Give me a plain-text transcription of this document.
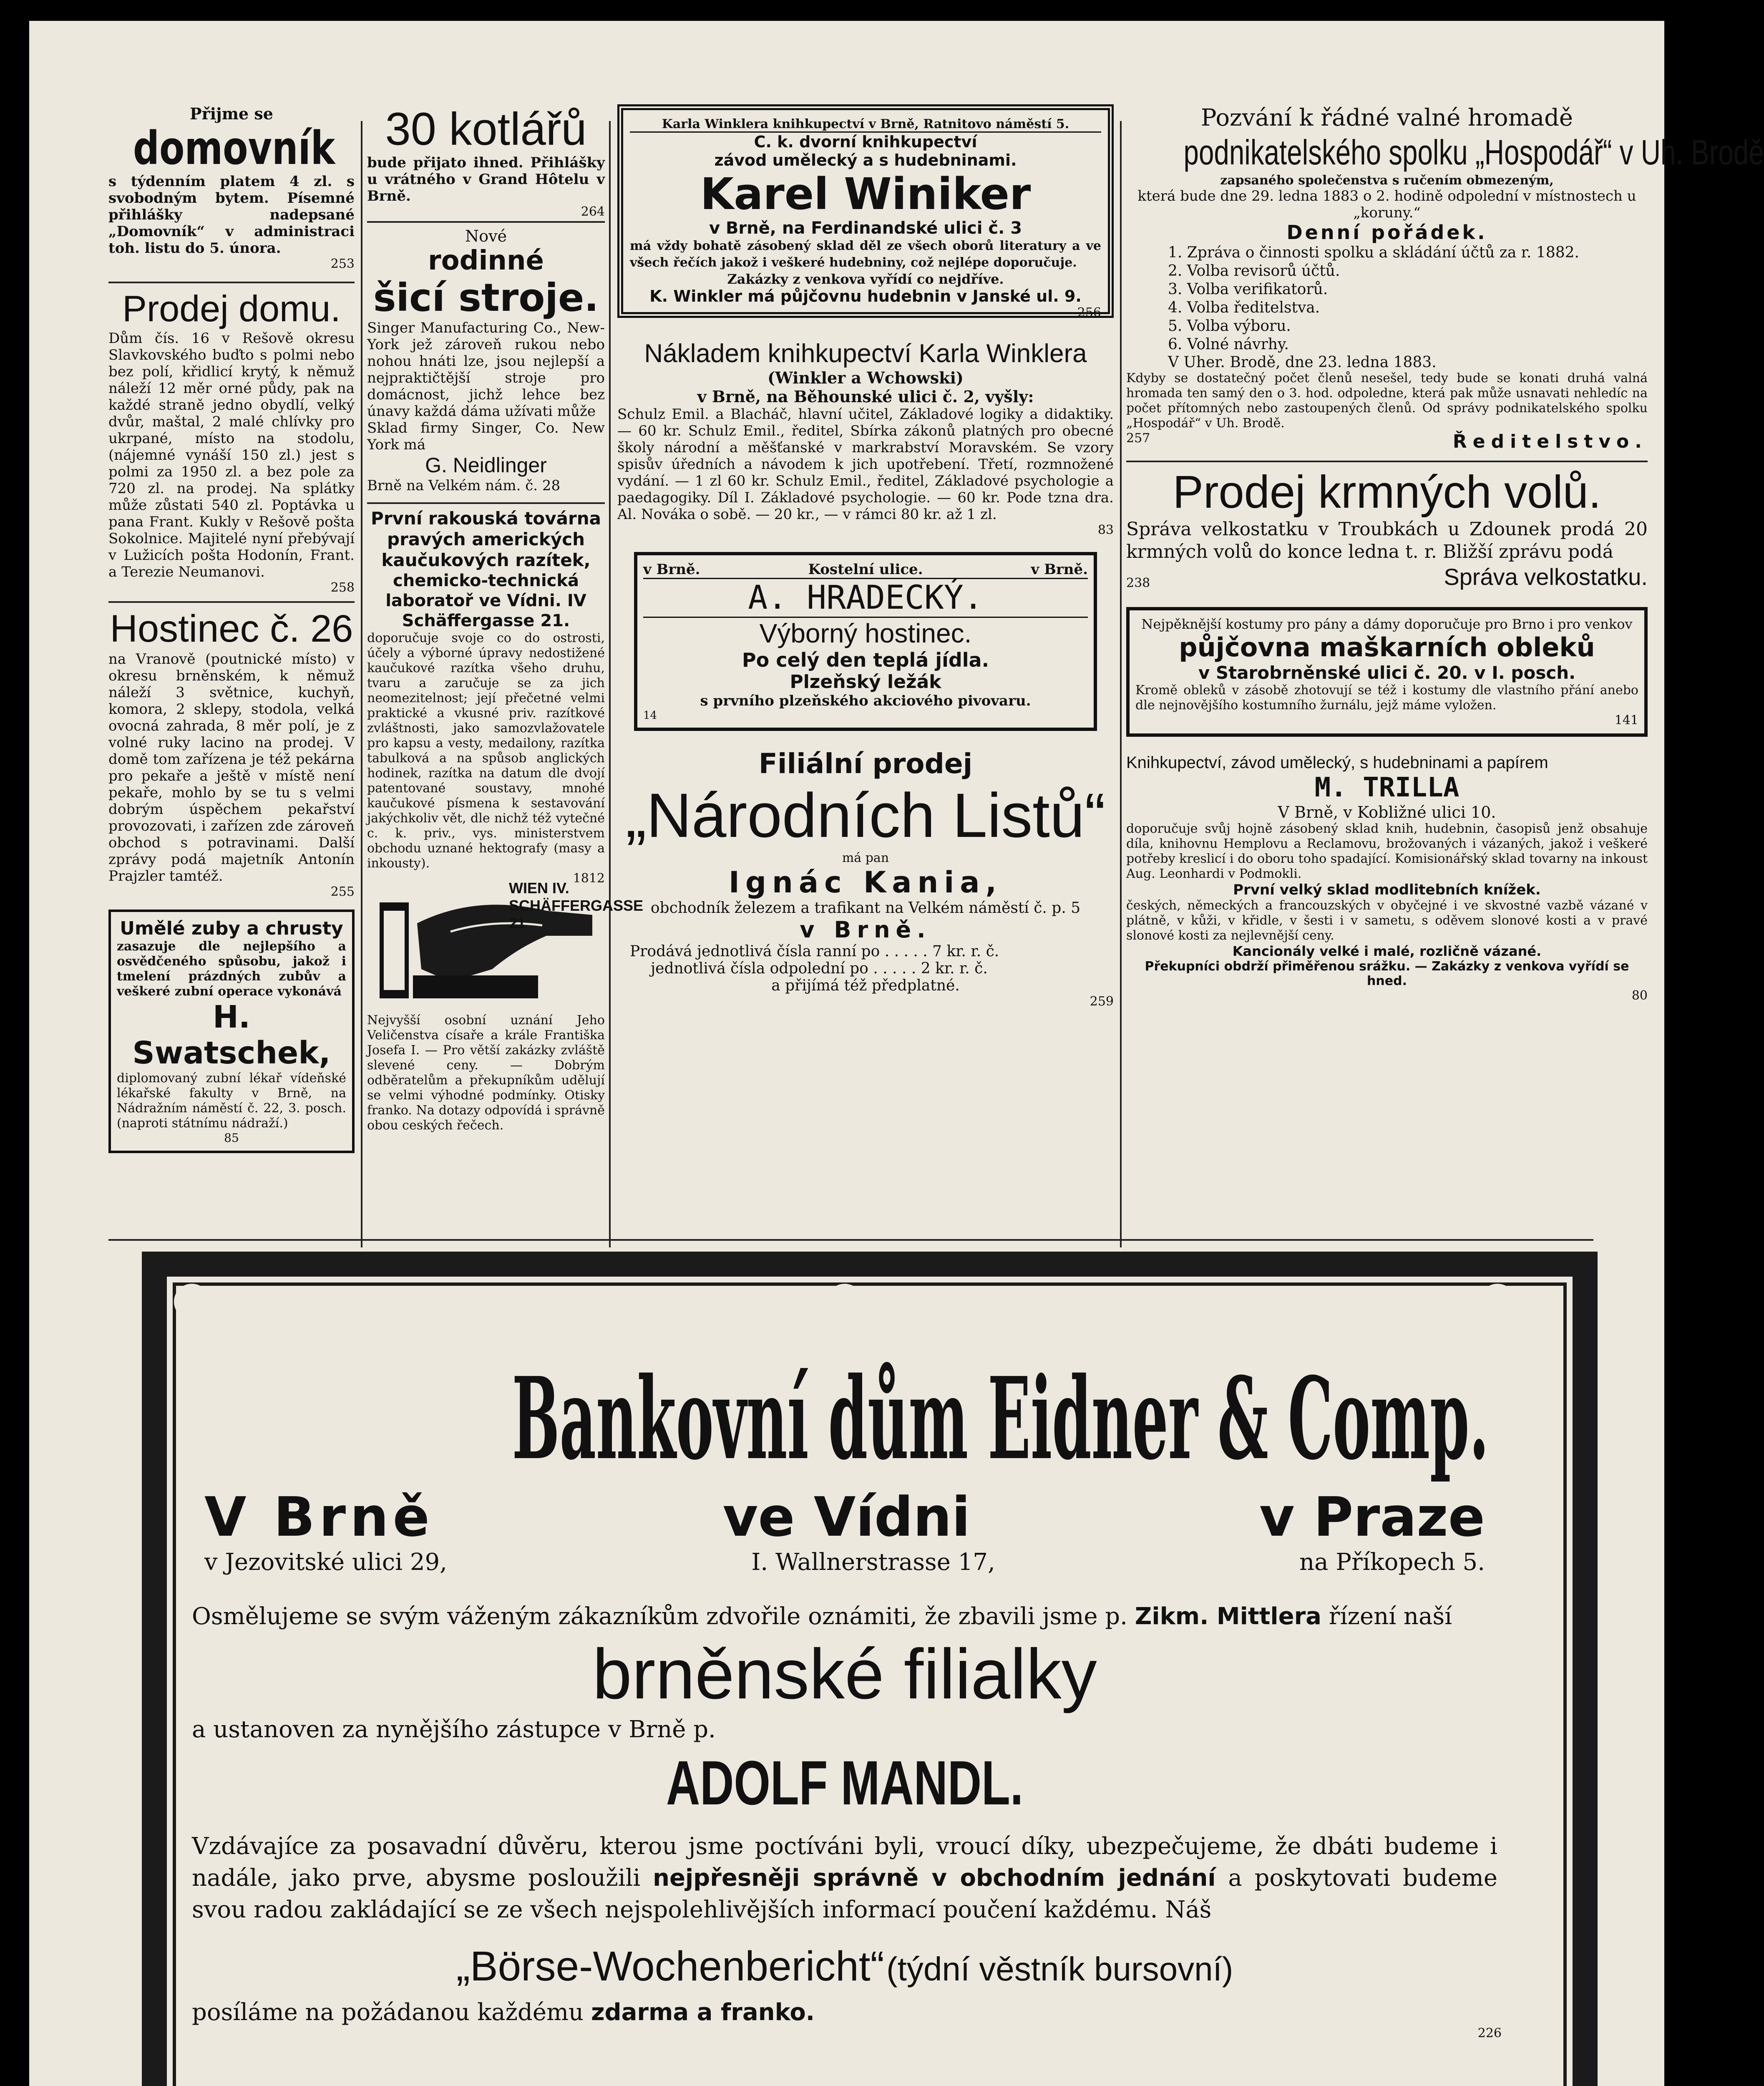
Přijme se
domovník
s týdenním platem 4 zl. s svobodným bytem. Písemné přihlášky nadepsané „Domovník“ v administraci toh. listu do 5. února.
253
Prodej domu.
Dům čís. 16 v Rešově okresu Slavkovského buďto s polmi nebo bez polí, křidlicí krytý, k němuž náleží 12 měr orné půdy, pak na každé straně jedno obydlí, velký dvůr, maštal, 2 malé chlívky pro ukrpané, místo na stodolu, (nájemné vynáší 150 zl.) jest s polmi za 1950 zl. a bez pole za 720 zl. na prodej. Na splátky může zůstati 540 zl. Poptávka u pana Frant. Kukly v Rešově pošta Sokolnice. Majitelé nyní přebývají v Lužicích pošta Hodonín, Frant. a Terezie Neumanovi.
258
Hostinec č. 26
na Vranově (poutnické místo) v okresu brněnském, k němuž náleží 3 světnice, kuchyň, komora, 2 sklepy, stodola, velká ovocná zahrada, 8 měr polí, je z volné ruky lacino na prodej. V domě tom zařízena je též pekárna pro pekaře a ještě v místě není pekaře, mohlo by se tu s velmi dobrým úspěchem pekařství provozovati, i zařízen zde zároveň obchod s potravinami. Další zprávy podá majetník Antonín Prajzler tamtéž.
255
Umělé zuby a chrusty
zasazuje dle nejlepšího a osvědčeného spůsobu, jakož i tmelení prázdných zubův a veškeré zubní operace vykonává
H. Swatschek,
diplomovaný zubní lékař vídeňské lékařské fakulty v Brně, na Nádražním náměstí č. 22, 3. posch. (naproti státnímu nádraží.)
85
30 kotlářů
bude přijato ihned. Přihlášky u vrátného v Grand Hôtelu v Brně.
264
Nové
rodinné
šicí stroje.
Singer Manufacturing Co., New-York jež zároveň rukou nebo nohou hnáti lze, jsou nejlepší a nejpraktičtější stroje pro domácnost, jichž lehce bez únavy každá dáma užívati může
Sklad firmy Singer, Co. New York má
G. Neidlinger
Brně na Velkém nám. č. 28
První rakouská továrna pravých amerických kaučukových razítek,
chemicko-technická laboratoř ve Vídni. IV Schäffergasse 21.
doporučuje svoje co do ostrosti, účely a výborné úpravy nedostižené kaučukové razítka všeho druhu, tvaru a zaručuje se za jich neomezitelnost; její přečetné velmi praktické a vkusné priv. razítkové zvláštnosti, jako samozvlažovatele pro kapsu a vesty, medailony, razítka tabulková a na spůsob anglických hodinek, razítka na datum dle dvojí patentované soustavy, mnohé kaučukové písmena k sestavování jakýchkoliv vět, dle nichž též vytečné c. k. priv., vys. ministerstvem obchodu uznané hektografy (masy a inkousty).
1812
WIEN IV. SCHÄFFERGASSE 21
Nejvyšší osobní uznání Jeho Veličenstva císaře a krále Františka Josefa I. — Pro větší zakázky zvláště slevené ceny. — Dobrým odběratelům a překupníkům udělují se velmi výhodné podmínky. Otisky franko. Na dotazy odpovídá i správně obou ceských řečech.
Karla Winklera knihkupectví v Brně, Ratnitovo náměstí 5.
C. k. dvorní knihkupectví
závod umělecký a s hudebninami.
Karel Winiker
v Brně, na Ferdinandské ulici č. 3
má vždy bohatě zásobený sklad děl ze všech oborů literatury a ve všech řečích jakož i veškeré hudebniny, což nejlépe doporučuje.
Zakázky z venkova vyřídí co nejdříve.
K. Winkler má půjčovnu hudebnin v Janské ul. 9.
256
Nákladem knihkupectví Karla Winklera
(Winkler a Wchowski)
v Brně, na Běhounské ulici č. 2, vyšly:
Schulz Emil. a Blacháč, hlavní učitel, Základové logiky a didaktiky. — 60 kr. Schulz Emil., ředitel, Sbírka zákonů platných pro obecné školy národní a měšťanské v markrabství Moravském. Se vzory spisův úředních a návodem k jich upotřebení. Třetí, rozmnožené vydání. — 1 zl 60 kr. Schulz Emil., ředitel, Základové psychologie a paedagogiky. Díl I. Základové psychologie. — 60 kr. Pode tzna dra. Al. Nováka o sobě. — 20 kr., — v rámci 80 kr. až 1 zl.
83
v Brně.	Kostelní ulice.	v Brně.
A. HRADECKÝ.
Výborný hostinec.
Po celý den teplá jídla.
Plzeňský ležák
s prvního plzeňského akciového pivovaru.
14
Filiální prodej
„Národních Listů“
má pan
Ignác Kania,
obchodník železem a trafikant na Velkém náměstí č. p. 5
v Brně.
Prodává jednotlivá čísla ranní po . . . . . 7 kr. r. č.
jednotlivá čísla odpolední po . . . . . 2 kr. r. č.
a přijímá též předplatné.
259
Pozvání k řádné valné hromadě
podnikatelského spolku „Hospodář“ v Uh. Brodě
zapsaného společenstva s ručením obmezeným,
která bude dne 29. ledna 1883 o 2. hodině odpolední v místnostech u „koruny.“
Denní pořádek.
1. Zpráva o činnosti spolku a skládání účtů za r. 1882.
2. Volba revisorů účtů.
3. Volba verifikatorů.
4. Volba ředitelstva.
5. Volba výboru.
6. Volné návrhy.
V Uher. Brodě, dne 23. ledna 1883.
Kdyby se dostatečný počet členů nesešel, tedy bude se konati druhá valná hromada ten samý den o 3. hod. odpoledne, která pak může usnavati nehledíc na počet přítomných nebo zastoupených členů. Od správy podnikatelského spolku „Hospodář“ v Uh. Brodě.
257	Ředitelstvo.
Prodej krmných volů.
Správa velkostatku v Troubkách u Zdounek prodá 20 krmných volů do konce ledna t. r. Bližší zprávu podá
238	Správa velkostatku.
Nejpěknější kostumy pro pány a dámy doporučuje pro Brno i pro venkov
půjčovna maškarních obleků
v Starobrněnské ulici č. 20. v I. posch.
Kromě obleků v zásobě zhotovují se též i kostumy dle vlastního přání anebo dle nejnovějšího kostumního žurnálu, jejž máme vyložen.
141
Knihkupectví, závod umělecký, s hudebninami a papírem
M. TRILLA
V Brně, v Kobližné ulici 10.
doporučuje svůj hojně zásobený sklad knih, hudebnin, časopisů jenž obsahuje díla, knihovnu Hemplovu a Reclamovu, brožovaných i vázaných, jakož i veškeré potřeby kreslicí i do oboru toho spadající. Komisionářský sklad tovarny na inkoust Aug. Leonhardi v Podmokli.
První velký sklad modlitebních knížek.
českých, německých a francouzských v obyčejné i ve skvostné vazbě vázané v plátně, v kůži, v křidle, v šesti i v sametu, s oděvem slonové kosti a v pravé slonové kosti za nejlevnější ceny.
Kancionály velké i malé, rozličně vázané.
Překupníci obdrží přiměřenou srážku. — Zakázky z venkova vyřídí se hned.
80
Bankovní dům Eidner & Comp.
V Brně	ve Vídni	v Praze
v Jezovitské ulici 29,	I. Wallnerstrasse 17,	na Příkopech 5.
Osmělujeme se svým váženým zákazníkům zdvořile oznámiti, že zbavili jsme p. Zikm. Mittlera řízení naší
brněnské filialky
a ustanoven za nynějšího zástupce v Brně p.
ADOLF MANDL.
Vzdávajíce za posavadní důvěru, kterou jsme poctíváni byli, vroucí díky, ubezpečujeme, že dbáti budeme i nadále, jako prve, abysme posloužili nejpřesněji správně v obchodním jednání a poskytovati budeme svou radou zakládající se ze všech nejspolehlivějších informací poučení každému. Náš
„Börse-Wochenbericht“ (týdní věstník bursovní)
posíláme na požádanou každému zdarma a franko.
226
